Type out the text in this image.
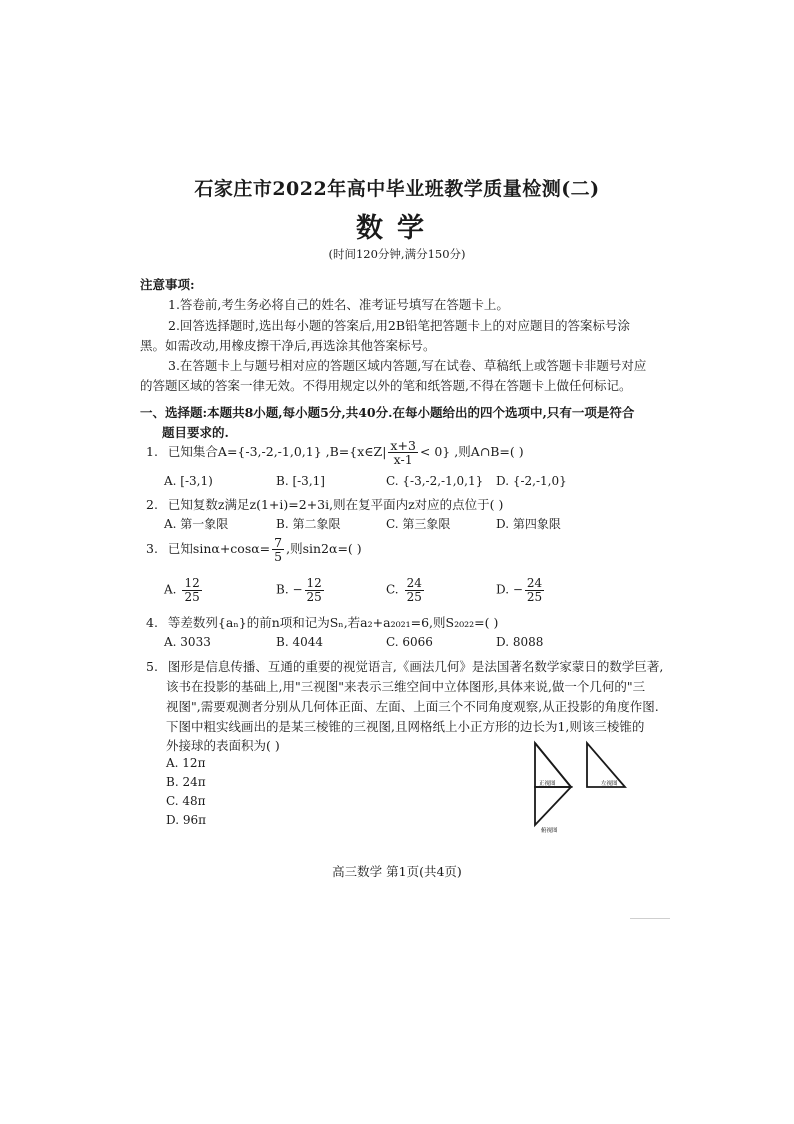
石家庄市2022年高中毕业班教学质量检测(二)
数学
(时间120分钟,满分150分)
注意事项:
1.答卷前,考生务必将自己的姓名、准考证号填写在答题卡上。
2.回答选择题时,选出每小题的答案后,用2B铅笔把答题卡上的对应题目的答案标号涂
黑。如需改动,用橡皮擦干净后,再选涂其他答案标号。
3.在答题卡上与题号相对应的答题区域内答题,写在试卷、草稿纸上或答题卡非题号对应
的答题区域的答案一律无效。不得用规定以外的笔和纸答题,不得在答题卡上做任何标记。
一、选择题:本题共8小题,每小题5分,共40分.在每小题给出的四个选项中,只有一项是符合
题目要求的.
1. 已知集合A={-3,-2,-1,0,1} ,B={x∈Z| $\frac{x+3}{x-1} < 0$} ,则A∩B=( )
A. [-3,1)	B. [-3,1]	C. {-3,-2,-1,0,1} D. {-2,-1,0}
2. 已知复数z满足z(1+i)=2+3i,则在复平面内z对应的点位于( )
A. 第一象限	B. 第二象限	C. 第三象限	D. 第四象限
3. 已知$\sin\alpha+\cos\alpha= \frac{7}{5}$ ,则sin2α=( )
A. $\frac{12}{25}$	B. − $\frac{12}{25}$	C. $\frac{24}{25}$	D. − $\frac{24}{25}$
4. 等差数列{aₙ}的前n项和记为Sₙ,若a₂+a₂₀₂₁=6,则S₂₀₂₂=( )
A. 3033	B. 4044	C. 6066	D. 8088
5. 图形是信息传播、互通的重要的视觉语言,《画法几何》是法国著名数学家蒙日的数学巨著,
该书在投影的基础上,用"三视图"来表示三维空间中立体图形,具体来说,做一个几何的"三
视图",需要观测者分别从几何体正面、左面、上面三个不同角度观察,从正投影的角度作图.
下图中粗实线画出的是某三棱锥的三视图,且网格纸上小正方形的边长为1,则该三棱锥的
外接球的表面积为( )
A. 12π
B. 24π
C. 48π
D. 96π
正视图	左视图
俯视图
高三数学 第1页(共4页)
